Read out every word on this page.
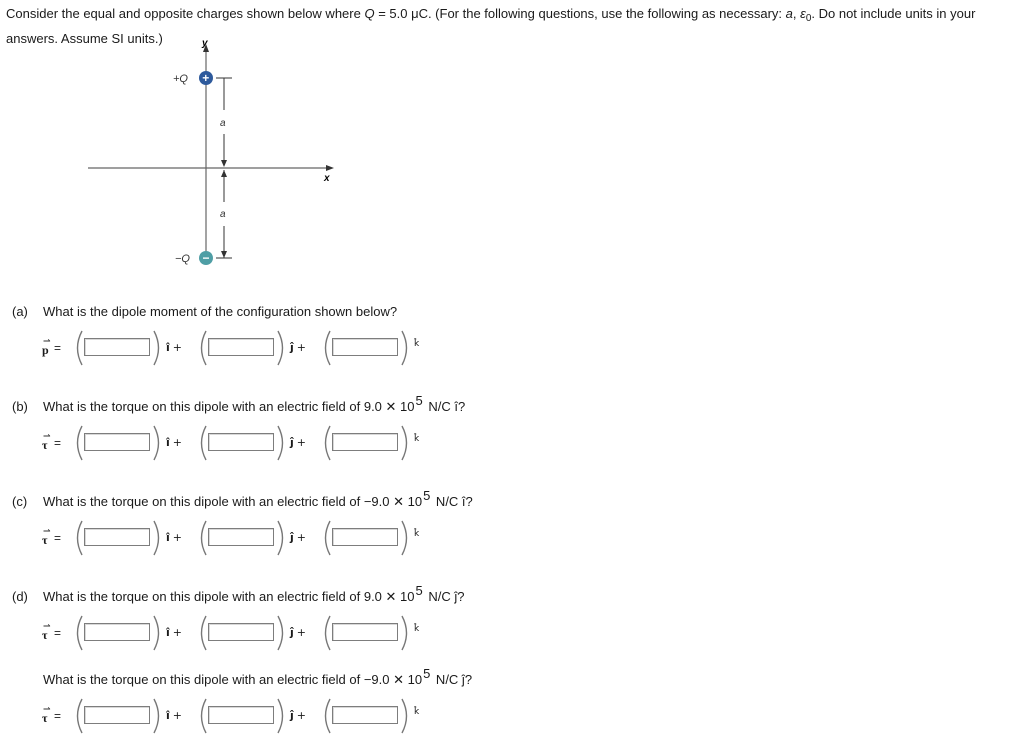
Consider the equal and opposite charges shown below where Q = 5.0 μC. (For the following questions, use the following as necessary: a, $\varepsilon_0$. Do not include units in your answers. Assume SI units.)	y
x
a
a
+
+Q
−
−Q
(a) What is the dipole moment of the configuration shown below?
⇀
p =	î +	ĵ +	k̂
(b) What is the torque on this dipole with an electric field of 9.0 ✕ $10^5$ N/C î?
⇀
τ =	î +	ĵ +	k̂
(c) What is the torque on this dipole with an electric field of −9.0 ✕ $10^5$ N/C î?
⇀
τ =	î +	ĵ +	k̂
(d) What is the torque on this dipole with an electric field of 9.0 ✕ $10^5$ N/C ĵ?
⇀
τ =	î +	ĵ +	k̂
What is the torque on this dipole with an electric field of −9.0 ✕ $10^5$ N/C ĵ?
⇀
τ =	î +	ĵ +	k̂
